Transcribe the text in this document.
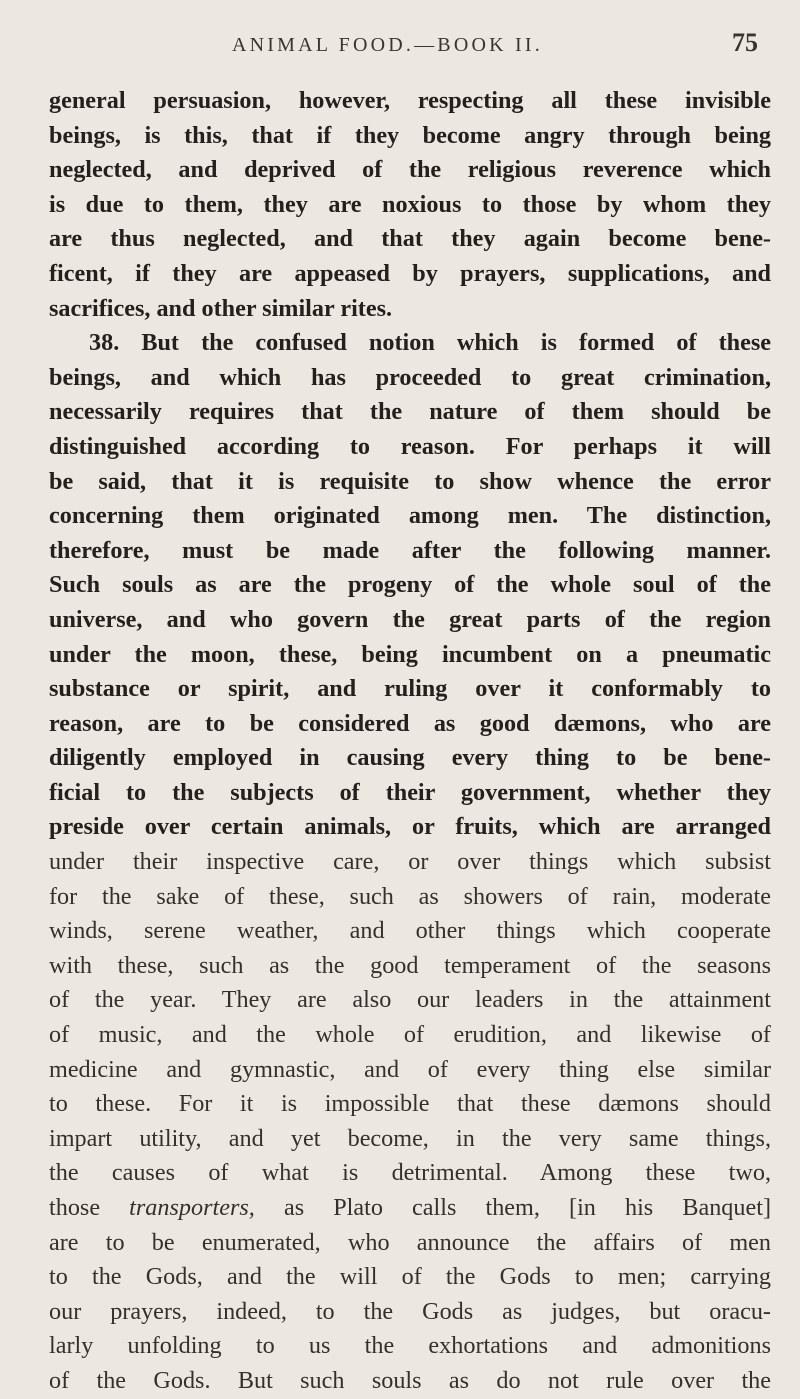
ANIMAL FOOD.—BOOK II.	75
general persuasion, however, respecting all these invisible
beings, is this, that if they become angry through being
neglected, and deprived of the religious reverence which
is due to them, they are noxious to those by whom they
are thus neglected, and that they again become bene-
ficent, if they are appeased by prayers, supplications, and
sacrifices, and other similar rites.
38. But the confused notion which is formed of these
beings, and which has proceeded to great crimination,
necessarily requires that the nature of them should be
distinguished according to reason. For perhaps it will
be said, that it is requisite to show whence the error
concerning them originated among men. The distinction,
therefore, must be made after the following manner.
Such souls as are the progeny of the whole soul of the
universe, and who govern the great parts of the region
under the moon, these, being incumbent on a pneumatic
substance or spirit, and ruling over it conformably to
reason, are to be considered as good dæmons, who are
diligently employed in causing every thing to be bene-
ficial to the subjects of their government, whether they
preside over certain animals, or fruits, which are arranged
under their inspective care, or over things which subsist
for the sake of these, such as showers of rain, moderate
winds, serene weather, and other things which cooperate
with these, such as the good temperament of the seasons
of the year. They are also our leaders in the attainment
of music, and the whole of erudition, and likewise of
medicine and gymnastic, and of every thing else similar
to these. For it is impossible that these dæmons should
impart utility, and yet become, in the very same things,
the causes of what is detrimental. Among these two,
those transporters, as Plato calls them, [in his Banquet]
are to be enumerated, who announce the affairs of men
to the Gods, and the will of the Gods to men; carrying
our prayers, indeed, to the Gods as judges, but oracu-
larly unfolding to us the exhortations and admonitions
of the Gods. But such souls as do not rule over the
